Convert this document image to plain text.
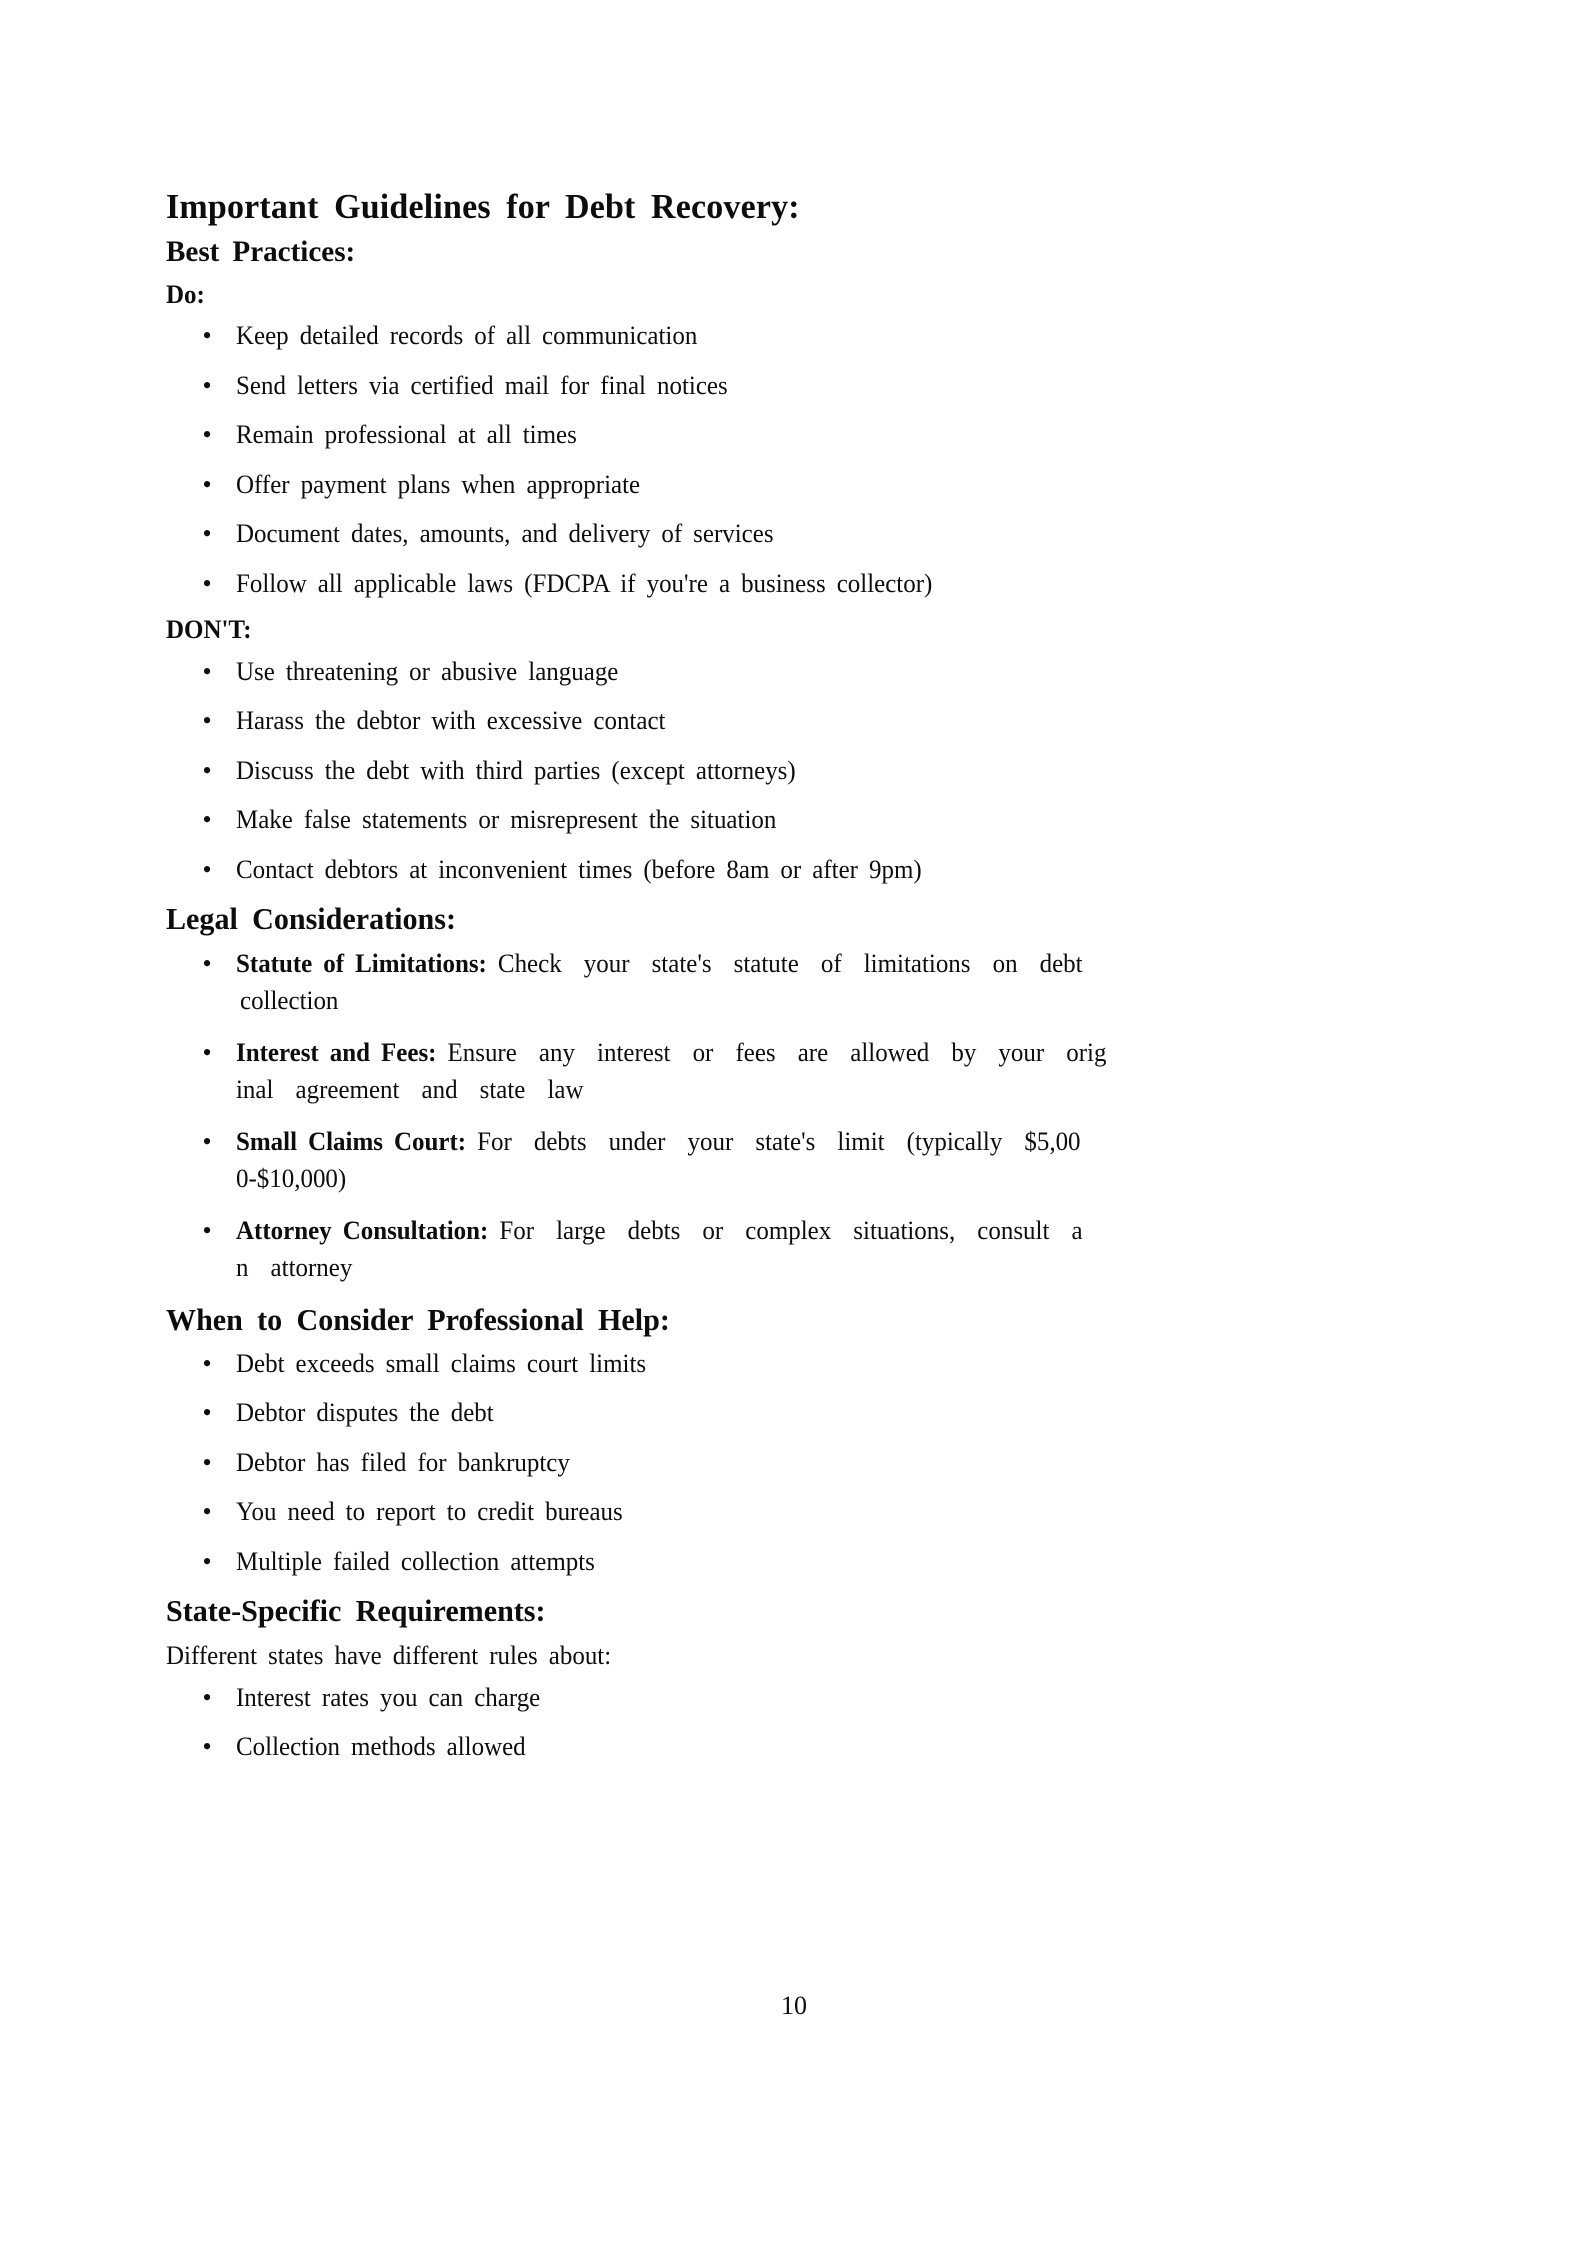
Important Guidelines for Debt Recovery:
Best Practices:
Do:
• Keep detailed records of all communication
• Send letters via certified mail for final notices
• Remain professional at all times
• Offer payment plans when appropriate
• Document dates, amounts, and delivery of services
• Follow all applicable laws (FDCPA if you're a business collector)
DON'T:
• Use threatening or abusive language
• Harass the debtor with excessive contact
• Discuss the debt with third parties (except attorneys)
• Make false statements or misrepresent the situation
• Contact debtors at inconvenient times (before 8am or after 9pm)
Legal Considerations:
• Statute of Limitations: Check  your  state's  statute  of  limitations  on  debt
collection
• Interest and Fees: Ensure  any  interest  or  fees  are  allowed  by  your  orig
inal  agreement  and  state  law
• Small Claims Court: For  debts  under  your  state's  limit  (typically  $5,00
0-$10,000)
• Attorney Consultation: For  large  debts  or  complex  situations,  consult  a
n  attorney
When to Consider Professional Help:
• Debt exceeds small claims court limits
• Debtor disputes the debt
• Debtor has filed for bankruptcy
• You need to report to credit bureaus
• Multiple failed collection attempts
State-Specific Requirements:

Different states have different rules about:

• Interest rates you can charge
• Collection methods allowed
10
